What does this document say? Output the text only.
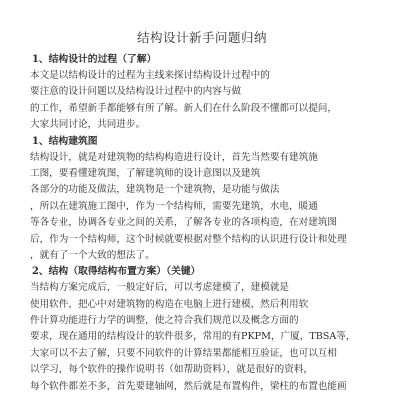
结构设计新手问题归纳
1、结构设计的过程（了解）
本文是以结构设计的过程为主线来探讨结构设计过程中的
要注意的设计问题以及结构设计过程中的内容与做
的工作，希望新手都能够有所了解。新人们在什么阶段不懂都可以提问，
大家共同讨论，共同进步。
1、结构建筑图
结构设计，就是对建筑物的结构构造进行设计，首先当然要有建筑施
工图，要看懂建筑图，了解建筑师的设计意图以及建筑
各部分的功能及做法，建筑物是一个建筑物，是功能与做法
，所以在建筑施工图中，作为一个结构师，需要先建筑，水电，暖通
等各专业，协调各专业之间的关系，了解各专业的各项构造，在对建筑图
后，作为一个结构师，这个时候就要根据对整个结构的认识进行设计和处理
，就有了一个大致的想法了。
2、结构（取得结构布置方案）（关键）
当结构方案完成后，一般定好后，可以考虑建模了，建模就是
使用软件，把心中对建筑物的构造在电脑上进行建模，然后利用软
件计算功能进行力学的调整，使之符合我们规范以及概念方面的
要求，现在通用的结构设计的软件很多，常用的有PKPM，广厦，TBSA等，
大家可以不去了解，只要不同软件的计算结果都能相互验证，也可以互相
以学习，每个软件的操作说明书（如帮助资料），就是很好的资料，
每个软件都差不多，首先要建轴网，然后就是布置构件，梁柱的布置也能画
